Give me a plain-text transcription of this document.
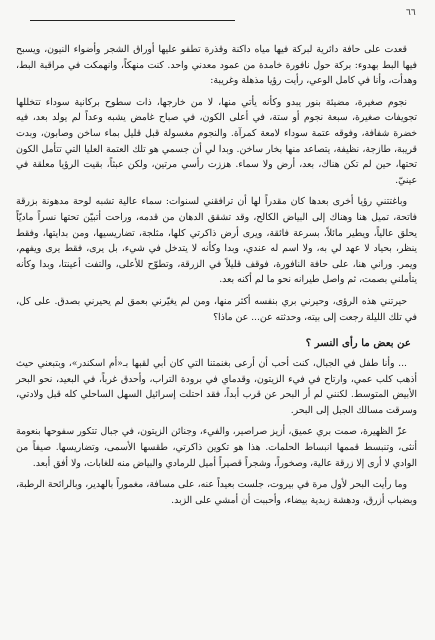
٦٦

قعدت على حافة دائرية لبركة فيها مياه داكنة وقذرة تطفو عليها أوراق الشجر وأضواء النيون، ويسبح فيها البط بهدوء: بركة حول نافورة خامدة من عمود معدني واحد. كنت منهكاً، وانهمكت في مراقبة البط، وهدأت، وأنا في كامل الوعي، رأيت رؤيا مذهلة وغريبة:

نجوم صغيرة، مضيئة بنور يبدو وكأنه يأتي منها، لا من خارجها، ذات سطوح بركانية سوداء تتخللها تجويفات صغيرة، سبعة نجوم أو ستة، في أعلى الكون، في صباح غامض يشبه وعداً لم يولد بعد، فيه خضرة شفافة، وفوقه عتمة سوداء لامعة كمرآة. والنجوم مغسولة قبل قليل بماء ساخن وصابون، وبدت قريبة، طازجة، نظيفة، يتصاعد منها بخار ساخن. وبدا لي أن جسمي هو تلك العتمة العليا التي تتأمل الكون تحتها، حين لم تكن هناك، بعد، أرض ولا سماء. هززت رأسي مرتين، ولكن عبثاً، بقيت الرؤيا معلقة في عينيّ.

وباغتتني رؤيا أخرى بعدها كان مقدراً لها أن ترافقني لسنوات: سماء عالية تشبه لوحة مدهونة بزرقة فاتحة، تميل هنا وهناك إلى البياض الكالح، وقد تشقق الدهان من قدمه، وراحت أتبيّن تحتها نسراً ماديّاً يحلق عالياً، ويطير مائلاً، بسرعة فائقة، ويرى أرض ذاكرتي كلها، مثلجة، تضاريسيها، ومن بدايتها، وفقط ينظر، بحياد لا عهد لي به، ولا اسم له عندي، وبدا وكأنه لا يتدخل في شيء، بل يرى، فقط يرى ويفهم، ويمر. وراني هنا، على حافة النافورة، فوقف قليلاً في الزرقة، وتطوّح للأعلى، والتفت أعينتا، وبدا وكأنه يتأملني بصمت، ثم واصل طيرانه نحو ما لم أكنه بعد.

حيرتني هذه الرؤى، وحيرني بري بنفسه أكثر منها، ومن لم يغيّرني بعمق لم يحيرني بصدق. على كل، في تلك الليلة رجعت إلى بيته، وحدثته عن... عن ماذا؟

عن بعض ما رأى النسر ؟

... وأنا طفل في الجبال، كنت أحب أن أرعى بغنمتنا التي كان أبي لقبها بـ«أم اسكندر»، وبتبعني حيث أذهب كلب عمي، وارتاح في فيء الزيتون، وقدماي في برودة التراب، وأحدق غرباً، في البعيد، نحو البحر الأبيض المتوسط. لكنني لم أر البحر عن قرب أبداً، فقد احتلت إسرائيل السهل الساحلي كله قبل ولادتي، وسرقت مسالك الجبل إلى البحر.

عزّ الظهيرة، صمت بري عميق، أزيز صراصير، والفيء، وجنائن الزيتون، في جبال تتكور سفوحها بنعومة أنثى، وتنبسط قممها انبساط الحلمات. هذا هو تكوين ذاكرتي، طقسها الأسمى، وتضاريسها. صيفاً من الوادي لا أرى إلا زرقة عالية، وصخوراً، وشجراً قصيراً أميل للرمادي والبياض منه للغابات، ولا أفق أبعد.

وما رأيت البحر لأول مرة في بيروت، جلست بعيداً عنه، على مسافة، مغموراً بالهدير، وبالرائحة الرطبة، وبضباب أزرق، ودهشة زبدية بيضاء، وأحببت أن أمشي على الزبد.
